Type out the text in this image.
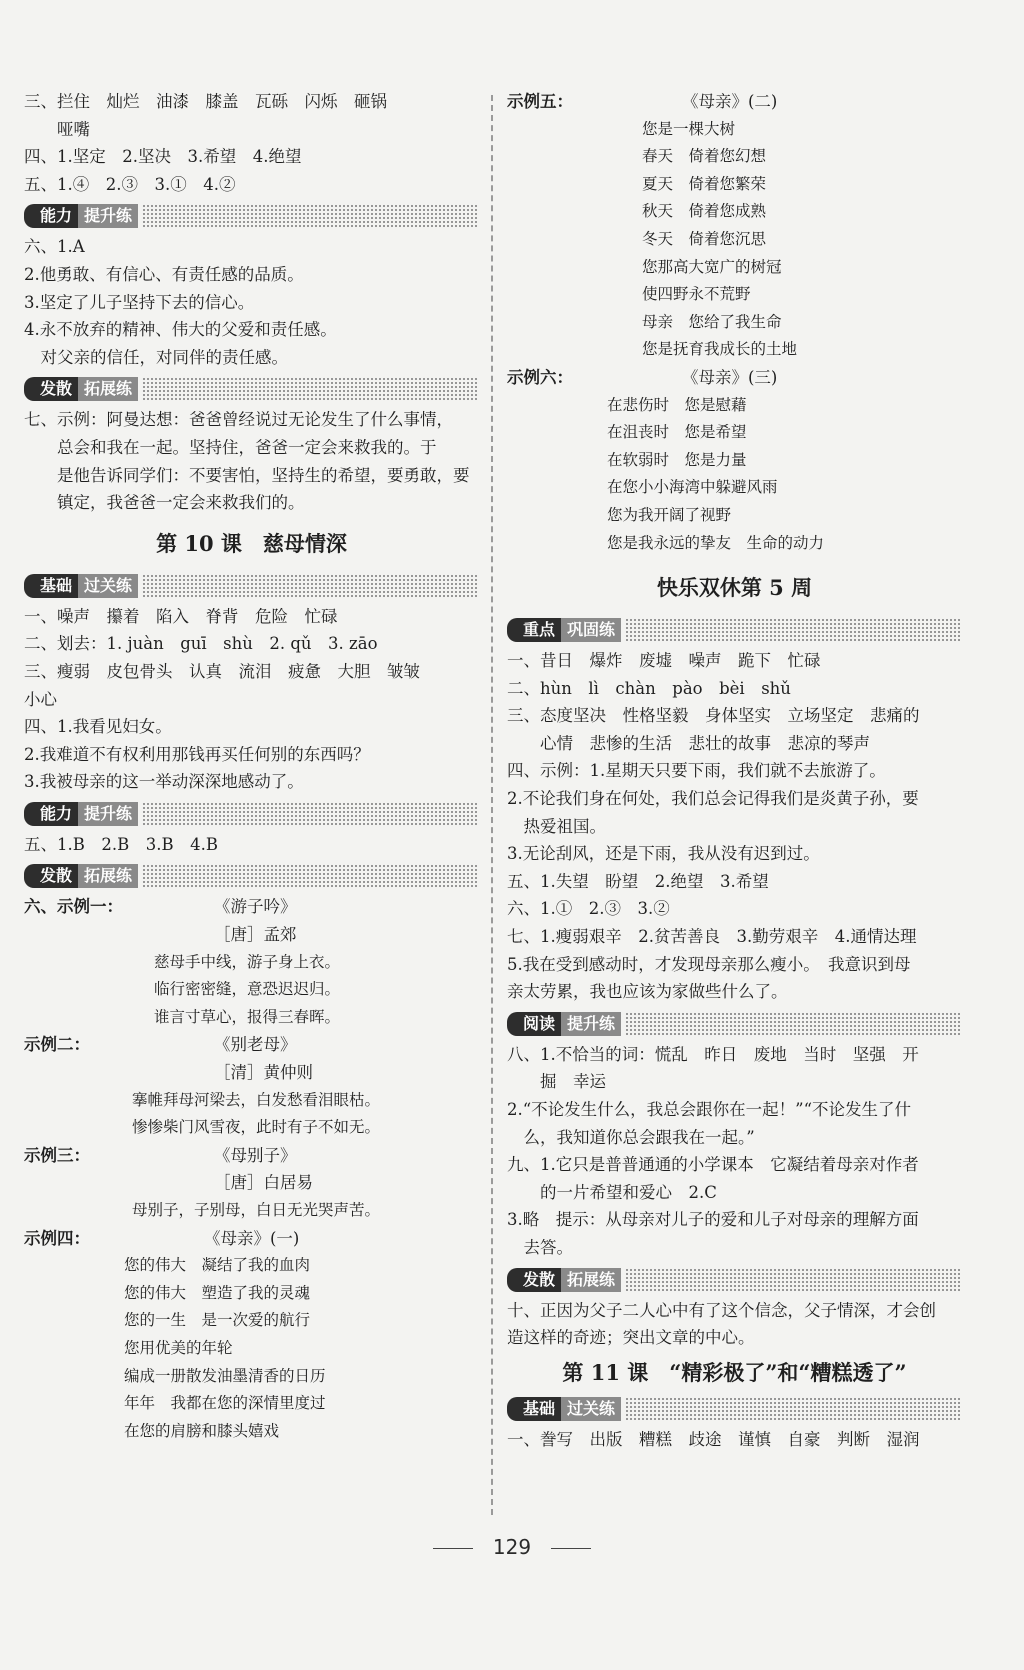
三、拦住　灿烂　油漆　膝盖　瓦砾　闪烁　砸锅
　　哑嘴
四、1.坚定　2.坚决　3.希望　4.绝望
五、1.④　2.③　3.①　4.②
能力 提升练
六、1.A
2.他勇敢、有信心、有责任感的品质。
3.坚定了儿子坚持下去的信心。
4.永不放弃的精神、伟大的父爱和责任感。
　对父亲的信任，对同伴的责任感。
发散 拓展练
七、示例：阿曼达想：爸爸曾经说过无论发生了什么事情，
　　总会和我在一起。坚持住，爸爸一定会来救我的。于
　　是他告诉同学们：不要害怕，坚持生的希望，要勇敢，要
　　镇定，我爸爸一定会来救我们的。
第 10 课　慈母情深
基础 过关练
一、噪声　攥着　陷入　脊背　危险　忙碌
二、划去：1. juàn　guī　shù　2. qǔ　3. zāo
三、瘦弱　皮包骨头　认真　流泪　疲惫　大胆　皱皱
小心
四、1.我看见妇女。
2.我难道不有权利用那钱再买任何别的东西吗？
3.我被母亲的这一举动深深地感动了。
能力 提升练
五、1.B　2.B　3.B　4.B
发散 拓展练
六、示例一：	《游子吟》
［唐］孟郊
慈母手中线，游子身上衣。
临行密密缝，意恐迟迟归。
谁言寸草心，报得三春晖。
示例二：	《别老母》
［清］黄仲则
搴帷拜母河梁去，白发愁看泪眼枯。
惨惨柴门风雪夜，此时有子不如无。
示例三：	《母别子》
［唐］白居易
母别子，子别母，白日无光哭声苦。
示例四：	《母亲》(一)
您的伟大　凝结了我的血肉
您的伟大　塑造了我的灵魂
您的一生　是一次爱的航行
您用优美的年轮
编成一册散发油墨清香的日历
年年　我都在您的深情里度过
在您的肩膀和膝头嬉戏
示例五：	《母亲》(二)
您是一棵大树
春天　倚着您幻想
夏天　倚着您繁荣
秋天　倚着您成熟
冬天　倚着您沉思
您那高大宽广的树冠
使四野永不荒野
母亲　您给了我生命
您是抚育我成长的土地
示例六：	《母亲》(三)
在悲伤时　您是慰藉
在沮丧时　您是希望
在软弱时　您是力量
在您小小海湾中躲避风雨
您为我开阔了视野
您是我永远的挚友　生命的动力
快乐双休第 5 周
重点 巩固练
一、昔日　爆炸　废墟　噪声　跪下　忙碌
二、hùn　lì　chàn　pào　bèi　shǔ
三、态度坚决　性格坚毅　身体坚实　立场坚定　悲痛的
　　心情　悲惨的生活　悲壮的故事　悲凉的琴声
四、示例：1.星期天只要下雨，我们就不去旅游了。
2.不论我们身在何处，我们总会记得我们是炎黄子孙，要
　热爱祖国。
3.无论刮风，还是下雨，我从没有迟到过。
五、1.失望　盼望　2.绝望　3.希望
六、1.①　2.③　3.②
七、1.瘦弱艰辛　2.贫苦善良　3.勤劳艰辛　4.通情达理
5.我在受到感动时，才发现母亲那么瘦小。　我意识到母
亲太劳累，我也应该为家做些什么了。
阅读 提升练
八、1.不恰当的词：慌乱　昨日　废地　当时　坚强　开
　　掘　幸运
2.“不论发生什么，我总会跟你在一起！”“不论发生了什
　么，我知道你总会跟我在一起。”
九、1.它只是普普通通的小学课本　它凝结着母亲对作者
　　的一片希望和爱心　2.C
3.略　提示：从母亲对儿子的爱和儿子对母亲的理解方面
　去答。
发散 拓展练
十、正因为父子二人心中有了这个信念，父子情深，才会创
造这样的奇迹；突出文章的中心。
第 11 课　“精彩极了”和“糟糕透了”
基础 过关练
一、誊写　出版　糟糕　歧途　谨慎　自豪　判断　湿润
129
